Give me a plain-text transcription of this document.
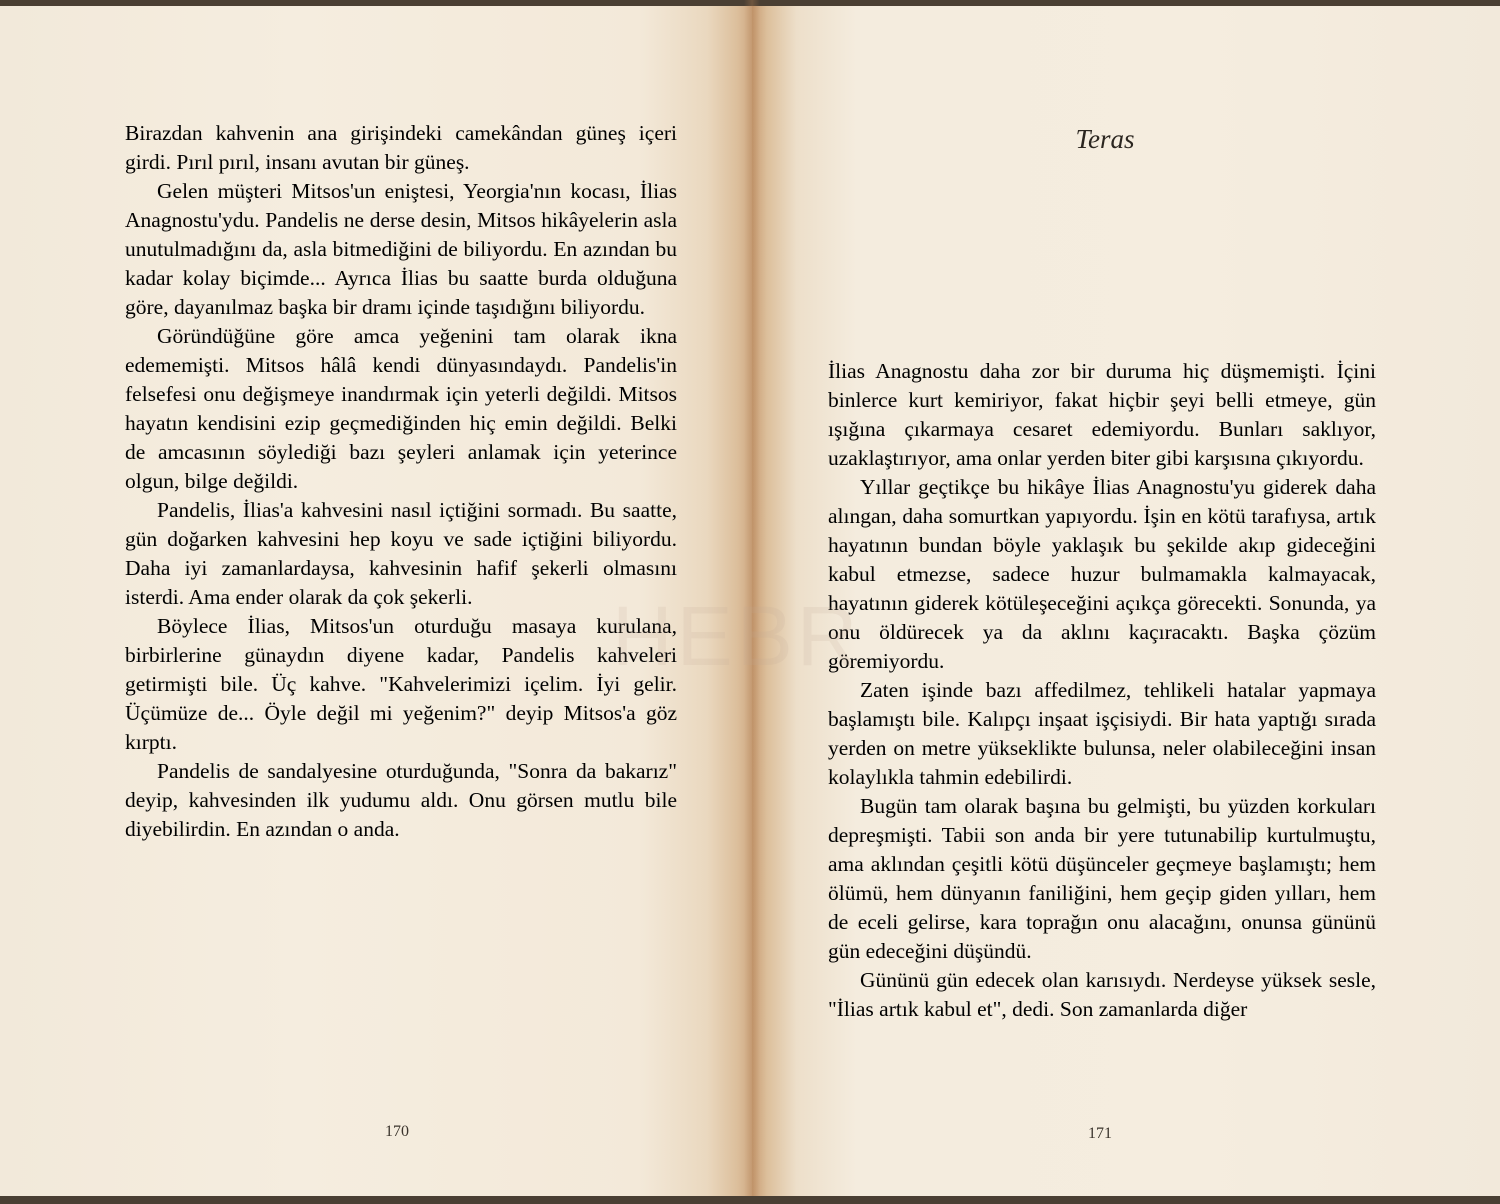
Birazdan kahvenin ana girişindeki camekândan güneş içeri girdi. Pırıl pırıl, insanı avutan bir güneş.

Gelen müşteri Mitsos'un eniştesi, Yeorgia'nın kocası, İlias Anagnostu'ydu. Pandelis ne derse desin, Mitsos hikâyelerin asla unutulmadığını da, asla bitmediğini de biliyordu. En azından bu kadar kolay biçimde... Ayrıca İlias bu saatte burda olduğuna göre, dayanılmaz başka bir dramı içinde taşıdığını biliyordu.

Göründüğüne göre amca yeğenini tam olarak ikna edememişti. Mitsos hâlâ kendi dünyasındaydı. Pandelis'in felsefesi onu değişmeye inandırmak için yeterli değildi. Mitsos hayatın kendisini ezip geçmediğinden hiç emin değildi. Belki de amcasının söylediği bazı şeyleri anlamak için yeterince olgun, bilge değildi.

Pandelis, İlias'a kahvesini nasıl içtiğini sormadı. Bu saatte, gün doğarken kahvesini hep koyu ve sade içtiğini biliyordu. Daha iyi zamanlardaysa, kahvesinin hafif şekerli olmasını isterdi. Ama ender olarak da çok şekerli.

Böylece İlias, Mitsos'un oturduğu masaya kurulana, birbirlerine günaydın diyene kadar, Pandelis kahveleri getirmişti bile. Üç kahve. "Kahvelerimizi içelim. İyi gelir. Üçümüze de... Öyle değil mi yeğenim?" deyip Mitsos'a göz kırptı.

Pandelis de sandalyesine oturduğunda, "Sonra da bakarız" deyip, kahvesinden ilk yudumu aldı. Onu görsen mutlu bile diyebilirdin. En azından o anda.

Teras

İlias Anagnostu daha zor bir duruma hiç düşmemişti. İçini binlerce kurt kemiriyor, fakat hiçbir şeyi belli etmeye, gün ışığına çıkarmaya cesaret edemiyordu. Bunları saklıyor, uzaklaştırıyor, ama onlar yerden biter gibi karşısına çıkıyordu.

Yıllar geçtikçe bu hikâye İlias Anagnostu'yu giderek daha alıngan, daha somurtkan yapıyordu. İşin en kötü tarafıysa, artık hayatının bundan böyle yaklaşık bu şekilde akıp gideceğini kabul etmezse, sadece huzur bulmamakla kalmayacak, hayatının giderek kötüleşeceğini açıkça görecekti. Sonunda, ya onu öldürecek ya da aklını kaçıracaktı. Başka çözüm göremiyordu.

Zaten işinde bazı affedilmez, tehlikeli hatalar yapmaya başlamıştı bile. Kalıpçı inşaat işçisiydi. Bir hata yaptığı sırada yerden on metre yükseklikte bulunsa, neler olabileceğini insan kolaylıkla tahmin edebilirdi.

Bugün tam olarak başına bu gelmişti, bu yüzden korkuları depreşmişti. Tabii son anda bir yere tutunabilip kurtulmuştu, ama aklından çeşitli kötü düşünceler geçmeye başlamıştı; hem ölümü, hem dünyanın faniliğini, hem geçip giden yılları, hem de eceli gelirse, kara toprağın onu alacağını, onunsa gününü gün edeceğini düşündü.

Gününü gün edecek olan karısıydı. Nerdeyse yüksek sesle, "İlias artık kabul et", dedi. Son zamanlarda diğer

170	171
